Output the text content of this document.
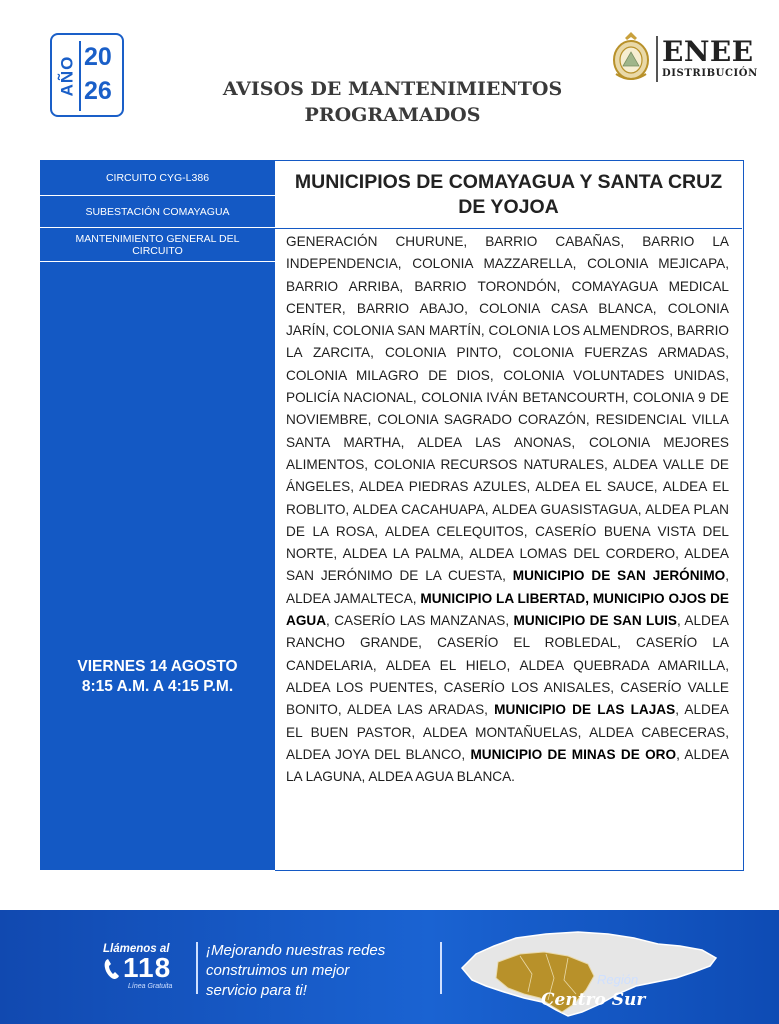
AÑO 20
26	AVISOS DE MANTENIMIENTOS
PROGRAMADOS
ENEE
DISTRIBUCIÓN
CIRCUITO CYG-L386
SUBESTACIÓN COMAYAGUA
MANTENIMIENTO GENERAL DEL CIRCUITO
VIERNES 14 AGOSTO
8:15 A.M. A 4:15 P.M.
MUNICIPIOS DE COMAYAGUA Y SANTA CRUZ DE YOJOA

GENERACIÓN CHURUNE, BARRIO CABAÑAS, BARRIO LA INDEPENDENCIA, COLONIA MAZZARELLA, COLONIA MEJICAPA, BARRIO ARRIBA, BARRIO TORONDÓN, COMAYAGUA MEDICAL CENTER, BARRIO ABAJO, COLONIA CASA BLANCA, COLONIA JARÍN, COLONIA SAN MARTÍN, COLONIA LOS ALMENDROS, BARRIO LA ZARCITA, COLONIA PINTO, COLONIA FUERZAS ARMADAS, COLONIA MILAGRO DE DIOS, COLONIA VOLUNTADES UNIDAS, POLICÍA NACIONAL, COLONIA IVÁN BETANCOURTH, COLONIA 9 DE NOVIEMBRE, COLONIA SAGRADO CORAZÓN, RESIDENCIAL VILLA SANTA MARTHA, ALDEA LAS ANONAS, COLONIA MEJORES ALIMENTOS, COLONIA RECURSOS NATURALES, ALDEA VALLE DE ÁNGELES, ALDEA PIEDRAS AZULES, ALDEA EL SAUCE, ALDEA EL ROBLITO, ALDEA CACAHUAPA, ALDEA GUASISTAGUA, ALDEA PLAN DE LA ROSA, ALDEA CELEQUITOS, CASERÍO BUENA VISTA DEL NORTE, ALDEA LA PALMA, ALDEA LOMAS DEL CORDERO, ALDEA SAN JERÓNIMO DE LA CUESTA, MUNICIPIO DE SAN JERÓNIMO, ALDEA JAMALTECA, MUNICIPIO LA LIBERTAD, MUNICIPIO OJOS DE AGUA, CASERÍO LAS MANZANAS, MUNICIPIO DE SAN LUIS, ALDEA RANCHO GRANDE, CASERÍO EL ROBLEDAL, CASERÍO LA CANDELARIA, ALDEA EL HIELO, ALDEA QUEBRADA AMARILLA, ALDEA LOS PUENTES, CASERÍO LOS ANISALES, CASERÍO VALLE BONITO, ALDEA LAS ARADAS, MUNICIPIO DE LAS LAJAS, ALDEA EL BUEN PASTOR, ALDEA MONTAÑUELAS, ALDEA CABECERAS, ALDEA JOYA DEL BLANCO, MUNICIPIO DE MINAS DE ORO, ALDEA LA LAGUNA, ALDEA AGUA BLANCA.

Llámenos al
118
Línea Gratuita

¡Mejorando nuestras redes
construimos un mejor
servicio para ti!

Región
Centro Sur
